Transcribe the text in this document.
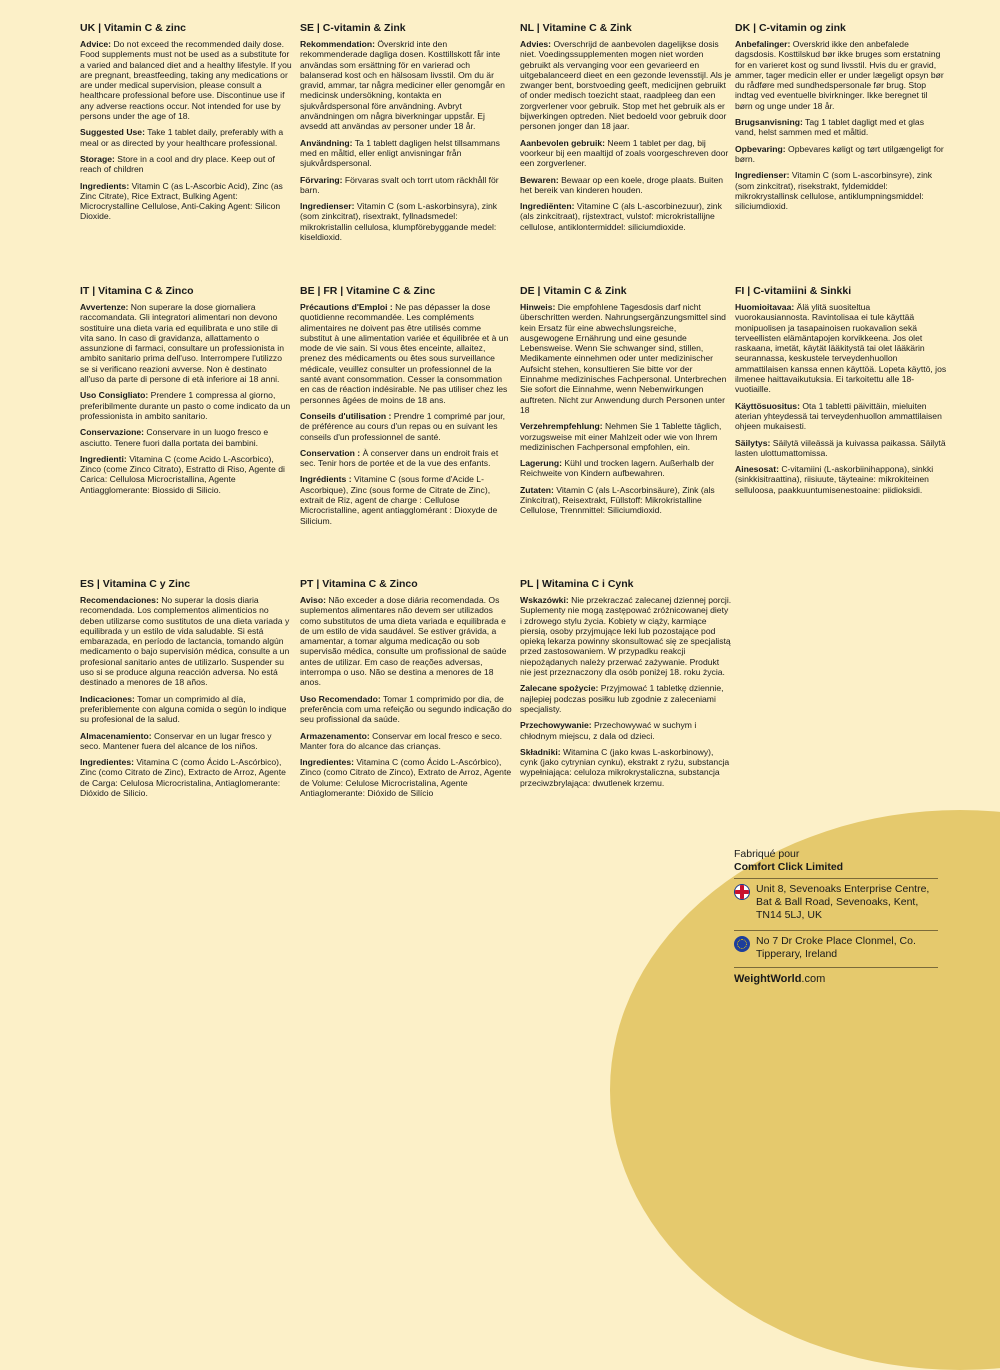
UK | Vitamin C & zinc

Advice: Do not exceed the recommended daily dose. Food supplements must not be used as a substitute for a varied and balanced diet and a healthy lifestyle. If you are pregnant, breastfeeding, taking any medications or are under medical supervision, please consult a healthcare professional before use. Discontinue use if any adverse reactions occur. Not intended for use by persons under the age of 18.

Suggested Use: Take 1 tablet daily, preferably with a meal or as directed by your healthcare professional.

Storage: Store in a cool and dry place. Keep out of reach of children

Ingredients: Vitamin C (as L-Ascorbic Acid), Zinc (as Zinc Citrate), Rice Extract, Bulking Agent: Microcrystalline Cellulose, Anti-Caking Agent: Silicon Dioxide.

SE | C-vitamin & Zink

Rekommendation: Överskrid inte den rekommenderade dagliga dosen. Kosttillskott får inte användas som ersättning för en varierad och balanserad kost och en hälsosam livsstil. Om du är gravid, ammar, tar några mediciner eller genomgår en medicinsk undersökning, kontakta en sjukvårdspersonal före användning. Avbryt användningen om några biverkningar uppstår. Ej avsedd att användas av personer under 18 år.

Användning: Ta 1 tablett dagligen helst tillsammans med en måltid, eller enligt anvisningar från sjukvårdspersonal.

Förvaring: Förvaras svalt och torrt utom räckhåll för barn.

Ingredienser: Vitamin C (som L-askorbinsyra), zink (som zinkcitrat), risextrakt, fyllnadsmedel: mikrokristallin cellulosa, klumpförebyggande medel: kiseldioxid.

NL | Vitamine C & Zink

Advies: Overschrijd de aanbevolen dagelijkse dosis niet. Voedingssupplementen mogen niet worden gebruikt als vervanging voor een gevarieerd en uitgebalanceerd dieet en een gezonde levensstijl. Als je zwanger bent, borstvoeding geeft, medicijnen gebruikt of onder medisch toezicht staat, raadpleeg dan een zorgverlener voor gebruik. Stop met het gebruik als er bijwerkingen optreden. Niet bedoeld voor gebruik door personen jonger dan 18 jaar.

Aanbevolen gebruik: Neem 1 tablet per dag, bij voorkeur bij een maaltijd of zoals voorgeschreven door een zorgverlener.

Bewaren: Bewaar op een koele, droge plaats. Buiten het bereik van kinderen houden.

Ingrediënten: Vitamine C (als L-ascorbinezuur), zink (als zinkcitraat), rijstextract, vulstof: microkristallijne cellulose, antiklontermiddel: siliciumdioxide.

DK | C-vitamin og zink

Anbefalinger: Overskrid ikke den anbefalede dagsdosis. Kosttilskud bør ikke bruges som erstatning for en varieret kost og sund livsstil. Hvis du er gravid, ammer, tager medicin eller er under lægeligt opsyn bør du rådføre med sundhedspersonale før brug. Stop indtag ved eventuelle bivirkninger. Ikke beregnet til børn og unge under 18 år.

Brugsanvisning: Tag 1 tablet dagligt med et glas vand, helst sammen med et måltid.

Opbevaring: Opbevares køligt og tørt utilgængeligt for børn.

Ingredienser: Vitamin C (som L-ascorbinsyre), zink (som zinkcitrat), risekstrakt, fyldemiddel: mikrokrystallinsk cellulose, antiklumpningsmiddel: siliciumdioxid.

IT | Vitamina C & Zinco

Avvertenze: Non superare la dose giornaliera raccomandata. Gli integratori alimentari non devono sostituire una dieta varia ed equilibrata e uno stile di vita sano. In caso di gravidanza, allattamento o assunzione di farmaci, consultare un professionista in ambito sanitario prima dell'uso. Interrompere l'utilizzo se si verificano reazioni avverse. Non è destinato all'uso da parte di persone di età inferiore ai 18 anni.

Uso Consigliato: Prendere 1 compressa al giorno, preferibilmente durante un pasto o come indicato da un professionista in ambito sanitario.

Conservazione: Conservare in un luogo fresco e asciutto. Tenere fuori dalla portata dei bambini.

Ingredienti: Vitamina C (come Acido L-Ascorbico), Zinco (come Zinco Citrato), Estratto di Riso, Agente di Carica: Cellulosa Microcristallina, Agente Antiagglomerante: Biossido di Silicio.

BE | FR | Vitamine C & Zinc

Précautions d'Emploi : Ne pas dépasser la dose quotidienne recommandée. Les compléments alimentaires ne doivent pas être utilisés comme substitut à une alimentation variée et équilibrée et à un mode de vie sain. Si vous êtes enceinte, allaitez, prenez des médicaments ou êtes sous surveillance médicale, veuillez consulter un professionnel de la santé avant consommation. Cesser la consommation en cas de réaction indésirable. Ne pas utiliser chez les personnes âgées de moins de 18 ans.

Conseils d'utilisation : Prendre 1 comprimé par jour, de préférence au cours d'un repas ou en suivant les conseils d'un professionnel de santé.

Conservation : À conserver dans un endroit frais et sec. Tenir hors de portée et de la vue des enfants.

Ingrédients : Vitamine C (sous forme d'Acide L-Ascorbique), Zinc (sous forme de Citrate de Zinc), extrait de Riz, agent de charge : Cellulose Microcristalline, agent antiagglomérant : Dioxyde de Silicium.

DE | Vitamin C & Zink

Hinweis: Die empfohlene Tagesdosis darf nicht überschritten werden. Nahrungsergänzungsmittel sind kein Ersatz für eine abwechslungsreiche, ausgewogene Ernährung und eine gesunde Lebensweise. Wenn Sie schwanger sind, stillen, Medikamente einnehmen oder unter medizinischer Aufsicht stehen, konsultieren Sie bitte vor der Einnahme medizinisches Fachpersonal. Unterbrechen Sie sofort die Einnahme, wenn Nebenwirkungen auftreten. Nicht zur Anwendung durch Personen unter 18

Verzehrempfehlung: Nehmen Sie 1 Tablette täglich, vorzugsweise mit einer Mahlzeit oder wie von Ihrem medizinischen Fachpersonal empfohlen, ein.

Lagerung: Kühl und trocken lagern. Außerhalb der Reichweite von Kindern aufbewahren.

Zutaten: Vitamin C (als L-Ascorbinsäure), Zink (als Zinkcitrat), Reisextrakt, Füllstoff: Mikrokristalline Cellulose, Trennmittel: Siliciumdioxid.

FI | C-vitamiini & Sinkki

Huomioitavaa: Älä ylitä suositeltua vuorokausiannosta. Ravintolisaa ei tule käyttää monipuolisen ja tasapainoisen ruokavalion sekä terveellisten elämäntapojen korvikkeena. Jos olet raskaana, imetät, käytät lääkitystä tai olet lääkärin seurannassa, keskustele terveydenhuollon ammattilaisen kanssa ennen käyttöä. Lopeta käyttö, jos ilmenee haittavaikutuksia. Ei tarkoitettu alle 18-vuotiaille.

Käyttösuositus: Ota 1 tabletti päivittäin, mieluiten aterian yhteydessä tai terveydenhuollon ammattilaisen ohjeen mukaisesti.

Säilytys: Säilytä viileässä ja kuivassa paikassa. Säilytä lasten ulottumattomissa.

Ainesosat: C-vitamiini (L-askorbiinihappona), sinkki (sinkkisitraattina), riisiuute, täyteaine: mikrokiteinen selluloosa, paakkuuntumisenestoaine: piidioksidi.

ES | Vitamina C y Zinc

Recomendaciones: No superar la dosis diaria recomendada. Los complementos alimenticios no deben utilizarse como sustitutos de una dieta variada y equilibrada y un estilo de vida saludable. Si está embarazada, en período de lactancia, tomando algún medicamento o bajo supervisión médica, consulte a un profesional sanitario antes de utilizarlo. Suspender su uso si se produce alguna reacción adversa. No está destinado a menores de 18 años.

Indicaciones: Tomar un comprimido al día, preferiblemente con alguna comida o según lo indique su profesional de la salud.

Almacenamiento: Conservar en un lugar fresco y seco. Mantener fuera del alcance de los niños.

Ingredientes: Vitamina C (como Ácido L-Ascórbico), Zinc (como Citrato de Zinc), Extracto de Arroz, Agente de Carga: Celulosa Microcristalina, Antiaglomerante: Dióxido de Silicio.

PT | Vitamina C & Zinco

Aviso: Não exceder a dose diária recomendada. Os suplementos alimentares não devem ser utilizados como substitutos de uma dieta variada e equilibrada e de um estilo de vida saudável. Se estiver grávida, a amamentar, a tomar alguma medicação ou sob supervisão médica, consulte um profissional de saúde antes de utilizar. Em caso de reações adversas, interrompa o uso. Não se destina a menores de 18 anos.

Uso Recomendado: Tomar 1 comprimido por dia, de preferência com uma refeição ou segundo indicação do seu profissional da saúde.

Armazenamento: Conservar em local fresco e seco. Manter fora do alcance das crianças.

Ingredientes: Vitamina C (como Ácido L-Ascórbico), Zinco (como Citrato de Zinco), Extrato de Arroz, Agente de Volume: Celulose Microcristalina, Agente Antiaglomerante: Dióxido de Silício

PL | Witamina C i Cynk

Wskazówki: Nie przekraczać zalecanej dziennej porcji. Suplementy nie mogą zastępować zróżnicowanej diety i zdrowego stylu życia. Kobiety w ciąży, karmiące piersią, osoby przyjmujące leki lub pozostające pod opieką lekarza powinny skonsultować się ze specjalistą przed zastosowaniem. W przypadku reakcji niepożądanych należy przerwać zażywanie. Produkt nie jest przeznaczony dla osób poniżej 18. roku życia.

Zalecane spożycie: Przyjmować 1 tabletkę dziennie, najlepiej podczas posiłku lub zgodnie z zaleceniami specjalisty.

Przechowywanie: Przechowywać w suchym i chłodnym miejscu, z dala od dzieci.

Składniki: Witamina C (jako kwas L-askorbinowy), cynk (jako cytrynian cynku), ekstrakt z ryżu, substancja wypełniająca: celuloza mikrokrystaliczna, substancja przeciwzbrylająca: dwutlenek krzemu.

Fabriqué pour
Comfort Click Limited
Unit 8, Sevenoaks Enterprise Centre, Bat & Ball Road, Sevenoaks, Kent, TN14 5LJ, UK
No 7 Dr Croke Place Clonmel, Co. Tipperary, Ireland
WeightWorld.com
